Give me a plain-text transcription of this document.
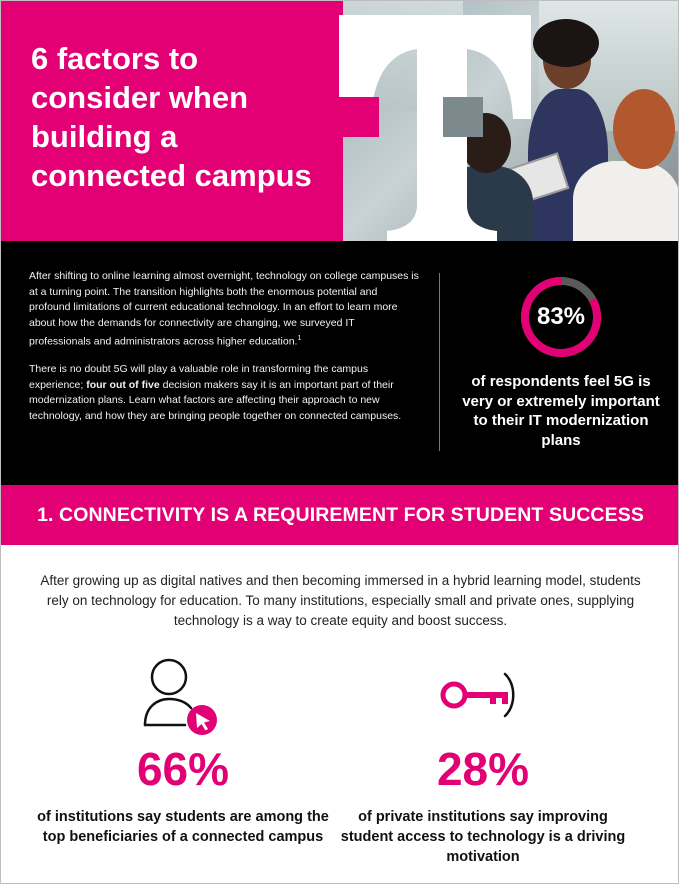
6 factors to consider when building a connected campus

After shifting to online learning almost overnight, technology on college campuses is at a turning point. The transition highlights both the enormous potential and profound limitations of current educational technology. In an effort to learn more about how the demands for connectivity are changing, we surveyed IT professionals and administrators across higher education.$^1$

There is no doubt 5G will play a valuable role in transforming the campus experience; four out of five decision makers say it is an important part of their modernization plans. Learn what factors are affecting their approach to new technology, and how they are bringing people together on connected campuses.

83%
of respondents feel 5G is very or extremely important to their IT modernization plans
1. CONNECTIVITY IS A REQUIREMENT FOR STUDENT SUCCESS

After growing up as digital natives and then becoming immersed in a hybrid learning model, students rely on technology for education. To many institutions, especially small and private ones, supplying technology is a way to create equity and boost success.

66%
of institutions say students are among the top beneficiaries of a connected campus
28%
of private institutions say improving student access to technology is a driving motivation
